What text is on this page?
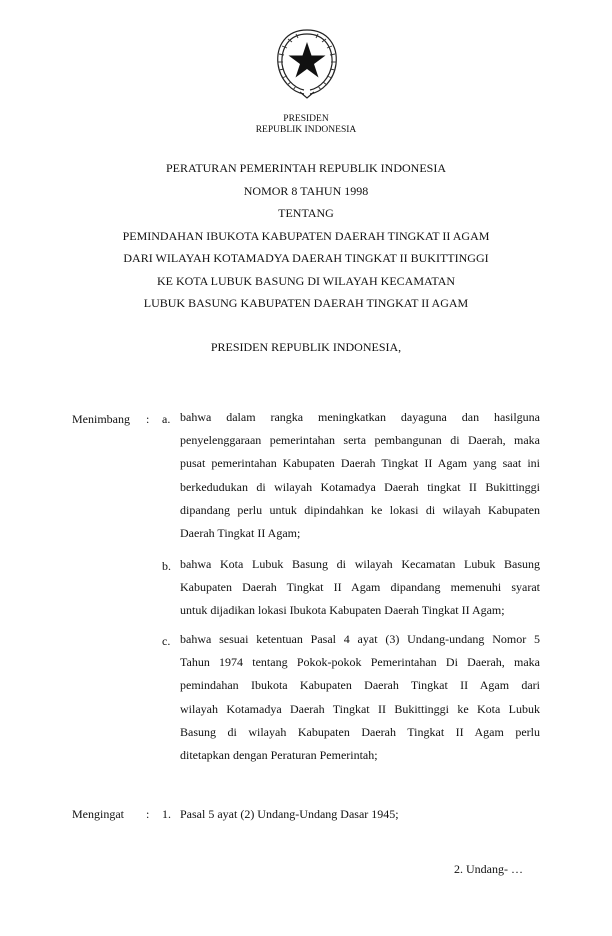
PRESIDEN
REPUBLIK INDONESIA
PERATURAN PEMERINTAH REPUBLIK INDONESIA
NOMOR 8 TAHUN 1998
TENTANG
PEMINDAHAN IBUKOTA KABUPATEN DAERAH TINGKAT II AGAM
DARI WILAYAH KOTAMADYA DAERAH TINGKAT II BUKITTINGGI
KE KOTA LUBUK BASUNG DI WILAYAH KECAMATAN
LUBUK BASUNG KABUPATEN DAERAH TINGKAT II AGAM
PRESIDEN REPUBLIK INDONESIA,
Menimbang : a. bahwa dalam rangka meningkatkan dayaguna dan hasilguna
penyelenggaraan pemerintahan serta pembangunan di Daerah, maka
pusat pemerintahan Kabupaten Daerah Tingkat II Agam yang saat ini
berkedudukan di wilayah Kotamadya Daerah tingkat II Bukittinggi
dipandang perlu untuk dipindahkan ke lokasi di wilayah Kabupaten
Daerah Tingkat II Agam;
b. bahwa Kota Lubuk Basung di wilayah Kecamatan Lubuk Basung
Kabupaten Daerah Tingkat II Agam dipandang memenuhi syarat
untuk dijadikan lokasi Ibukota Kabupaten Daerah Tingkat II Agam;
c. bahwa sesuai ketentuan Pasal 4 ayat (3) Undang-undang Nomor 5
Tahun 1974 tentang Pokok-pokok Pemerintahan Di Daerah, maka
pemindahan Ibukota Kabupaten Daerah Tingkat II Agam dari
wilayah Kotamadya Daerah Tingkat II Bukittinggi ke Kota Lubuk
Basung di wilayah Kabupaten Daerah Tingkat II Agam perlu
ditetapkan dengan Peraturan Pemerintah;
Mengingat : 1. Pasal 5 ayat (2) Undang-Undang Dasar 1945;
2. Undang- …
